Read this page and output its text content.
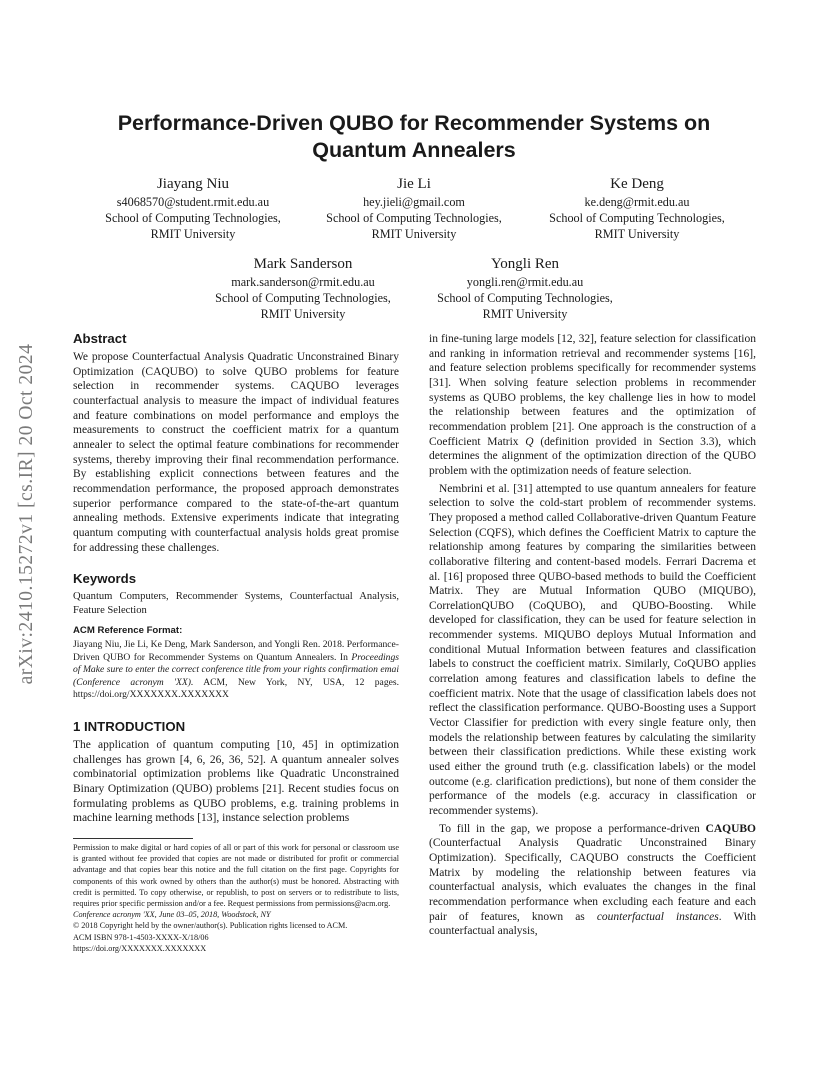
arXiv:2410.15272v1 [cs.IR] 20 Oct 2024
Performance-Driven QUBO for Recommender Systems on Quantum Annealers
Jiayang Niu
s4068570@student.rmit.edu.au
School of Computing Technologies,
RMIT University
Jie Li
hey.jieli@gmail.com
School of Computing Technologies,
RMIT University
Ke Deng
ke.deng@rmit.edu.au
School of Computing Technologies,
RMIT University
Mark Sanderson
mark.sanderson@rmit.edu.au
School of Computing Technologies,
RMIT University
Yongli Ren
yongli.ren@rmit.edu.au
School of Computing Technologies,
RMIT University
Abstract

We propose Counterfactual Analysis Quadratic Unconstrained Binary Optimization (CAQUBO) to solve QUBO problems for feature selection in recommender systems. CAQUBO leverages counterfactual analysis to measure the impact of individual features and feature combinations on model performance and employs the measurements to construct the coefficient matrix for a quantum annealer to select the optimal feature combinations for recommender systems, thereby improving their final recommendation performance. By establishing explicit connections between features and the recommendation performance, the proposed approach demonstrates superior performance compared to the state-of-the-art quantum annealing methods. Extensive experiments indicate that integrating quantum computing with counterfactual analysis holds great promise for addressing these challenges.

Keywords

Quantum Computers, Recommender Systems, Counterfactual Analysis, Feature Selection

ACM Reference Format:
Jiayang Niu, Jie Li, Ke Deng, Mark Sanderson, and Yongli Ren. 2018. Performance-Driven QUBO for Recommender Systems on Quantum Annealers. In Proceedings of Make sure to enter the correct conference title from your rights confirmation emai (Conference acronym 'XX). ACM, New York, NY, USA, 12 pages. https://doi.org/XXXXXXX.XXXXXXX
1 INTRODUCTION

The application of quantum computing [10, 45] in optimization challenges has grown [4, 6, 26, 36, 52]. A quantum annealer solves combinatorial optimization problems like Quadratic Unconstrained Binary Optimization (QUBO) problems [21]. Recent studies focus on formulating problems as QUBO problems, e.g. training problems in machine learning methods [13], instance selection problems

Permission to make digital or hard copies of all or part of this work for personal or classroom use is granted without fee provided that copies are not made or distributed for profit or commercial advantage and that copies bear this notice and the full citation on the first page. Copyrights for components of this work owned by others than the author(s) must be honored. Abstracting with credit is permitted. To copy otherwise, or republish, to post on servers or to redistribute to lists, requires prior specific permission and/or a fee. Request permissions from permissions@acm.org.

Conference acronym 'XX, June 03–05, 2018, Woodstock, NY

© 2018 Copyright held by the owner/author(s). Publication rights licensed to ACM.

ACM ISBN 978-1-4503-XXXX-X/18/06

https://doi.org/XXXXXXX.XXXXXXX

in fine-tuning large models [12, 32], feature selection for classification and ranking in information retrieval and recommender systems [16], and feature selection problems specifically for recommender systems [31]. When solving feature selection problems in recommender systems as QUBO problems, the key challenge lies in how to model the relationship between features and the optimization of recommendation problem [21]. One approach is the construction of a Coefficient Matrix Q (definition provided in Section 3.3), which determines the alignment of the optimization direction of the QUBO problem with the optimization needs of feature selection.

Nembrini et al. [31] attempted to use quantum annealers for feature selection to solve the cold-start problem of recommender systems. They proposed a method called Collaborative-driven Quantum Feature Selection (CQFS), which defines the Coefficient Matrix to capture the relationship among features by comparing the similarities between collaborative filtering and content-based models. Ferrari Dacrema et al. [16] proposed three QUBO-based methods to build the Coefficient Matrix. They are Mutual Information QUBO (MIQUBO), CorrelationQUBO (CoQUBO), and QUBO-Boosting. While developed for classification, they can be used for feature selection in recommender systems. MIQUBO deploys Mutual Information and conditional Mutual Information between features and classification labels to construct the coefficient matrix. Similarly, CoQUBO applies correlation among features and classification labels to define the coefficient matrix. Note that the usage of classification labels does not reflect the classification performance. QUBO-Boosting uses a Support Vector Classifier for prediction with every single feature only, then models the relationship between features by calculating the similarity between their classification predictions. While these existing work used either the ground truth (e.g. classification labels) or the model outcome (e.g. clarification predictions), but none of them consider the performance of the models (e.g. accuracy in classification or recommender systems).

To fill in the gap, we propose a performance-driven CAQUBO (Counterfactual Analysis Quadratic Unconstrained Binary Optimization). Specifically, CAQUBO constructs the Coefficient Matrix by modeling the relationship between features via counterfactual analysis, which evaluates the changes in the final recommendation performance when excluding each feature and each pair of features, known as counterfactual instances. With counterfactual analysis,
